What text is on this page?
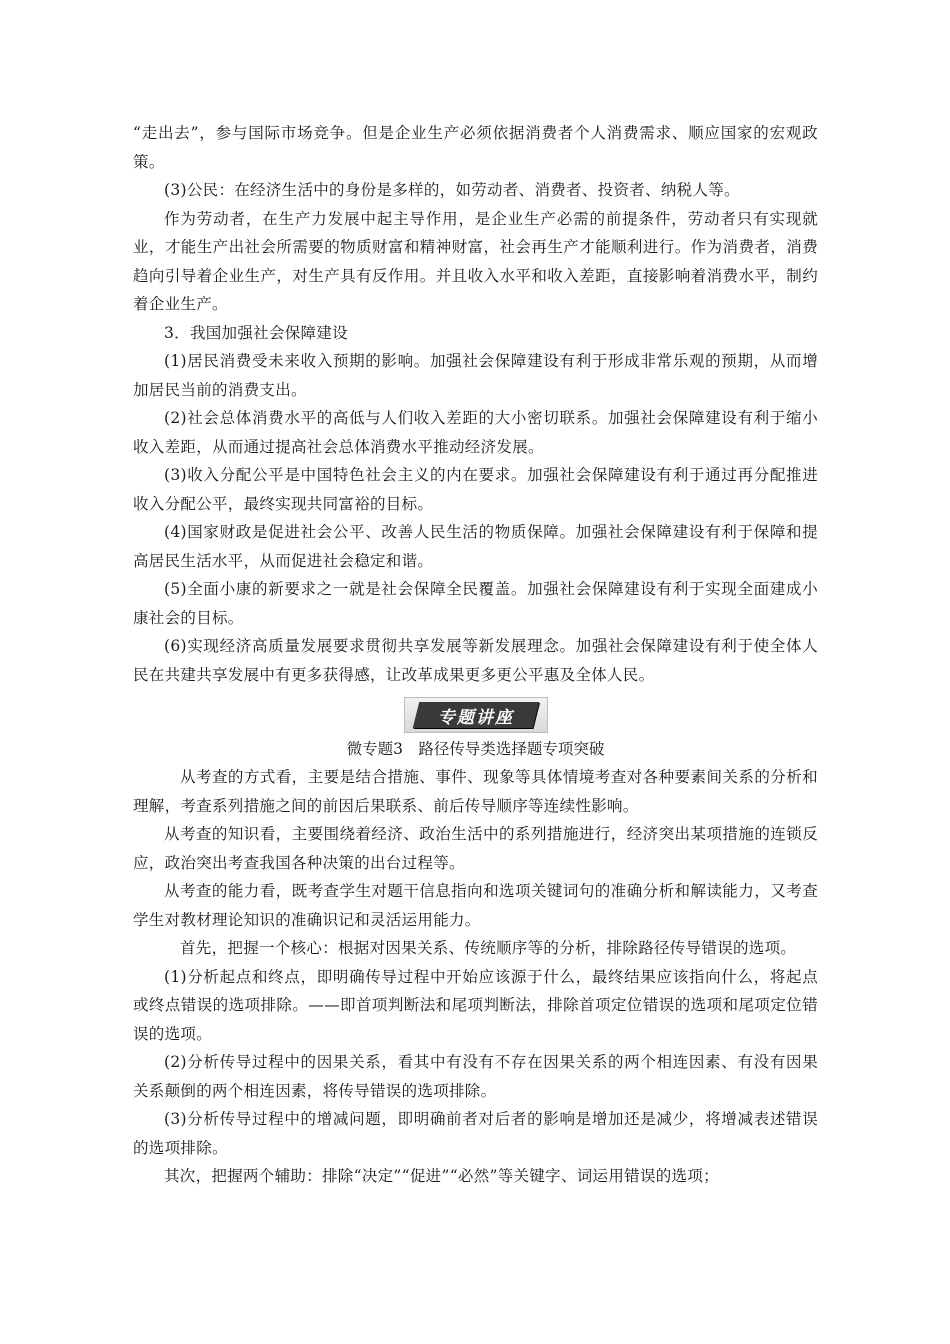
“走出去”，参与国际市场竞争。但是企业生产必须依据消费者个人消费需求、顺应国家的宏观政策。

(3)公民：在经济生活中的身份是多样的，如劳动者、消费者、投资者、纳税人等。

作为劳动者，在生产力发展中起主导作用，是企业生产必需的前提条件，劳动者只有实现就业，才能生产出社会所需要的物质财富和精神财富，社会再生产才能顺利进行。作为消费者，消费趋向引导着企业生产，对生产具有反作用。并且收入水平和收入差距，直接影响着消费水平，制约着企业生产。

3．我国加强社会保障建设

(1)居民消费受未来收入预期的影响。加强社会保障建设有利于形成非常乐观的预期，从而增加居民当前的消费支出。

(2)社会总体消费水平的高低与人们收入差距的大小密切联系。加强社会保障建设有利于缩小收入差距，从而通过提高社会总体消费水平推动经济发展。

(3)收入分配公平是中国特色社会主义的内在要求。加强社会保障建设有利于通过再分配推进收入分配公平，最终实现共同富裕的目标。

(4)国家财政是促进社会公平、改善人民生活的物质保障。加强社会保障建设有利于保障和提高居民生活水平，从而促进社会稳定和谐。

(5)全面小康的新要求之一就是社会保障全民覆盖。加强社会保障建设有利于实现全面建成小康社会的目标。

(6)实现经济高质量发展要求贯彻共享发展等新发展理念。加强社会保障建设有利于使全体人民在共建共享发展中有更多获得感，让改革成果更多更公平惠及全体人民。

专题讲座

微专题3　路径传导类选择题专项突破

从考查的方式看，主要是结合措施、事件、现象等具体情境考查对各种要素间关系的分析和理解，考查系列措施之间的前因后果联系、前后传导顺序等连续性影响。

从考查的知识看，主要围绕着经济、政治生活中的系列措施进行，经济突出某项措施的连锁反应，政治突出考查我国各种决策的出台过程等。

从考查的能力看，既考查学生对题干信息指向和选项关键词句的准确分析和解读能力，又考查学生对教材理论知识的准确识记和灵活运用能力。

首先，把握一个核心：根据对因果关系、传统顺序等的分析，排除路径传导错误的选项。

(1)分析起点和终点，即明确传导过程中开始应该源于什么，最终结果应该指向什么，将起点或终点错误的选项排除。——即首项判断法和尾项判断法，排除首项定位错误的选项和尾项定位错误的选项。

(2)分析传导过程中的因果关系，看其中有没有不存在因果关系的两个相连因素、有没有因果关系颠倒的两个相连因素，将传导错误的选项排除。

(3)分析传导过程中的增减问题，即明确前者对后者的影响是增加还是减少，将增减表述错误的选项排除。

其次，把握两个辅助：排除“决定”“促进”“必然”等关键字、词运用错误的选项；
